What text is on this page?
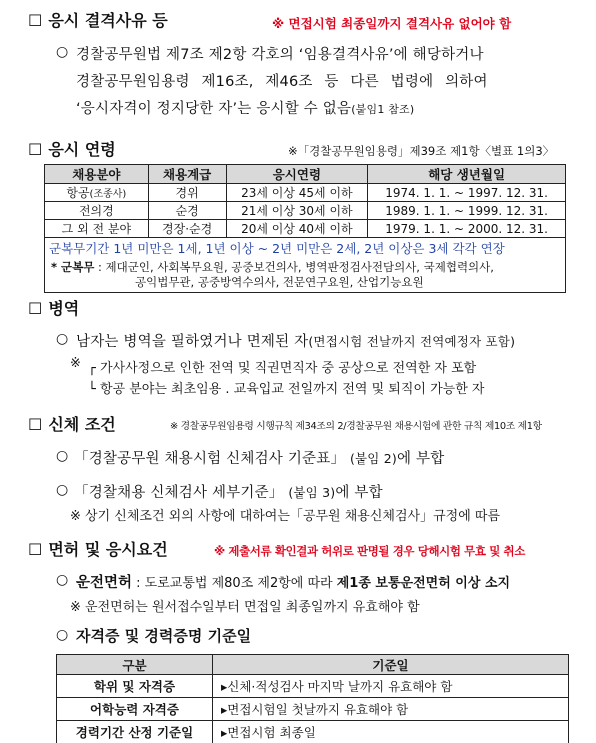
☐ 응시 결격사유 등	※ 면접시험 최종일까지 결격사유 없어야 함
○ 경찰공무원법 제7조 제2항 각호의 ‘임용결격사유’에 해당하거나
경찰공무원임용령 제16조, 제46조 등 다른 법령에 의하여
‘응시자격이 정지당한 자’는 응시할 수 없음(붙임1 참조)
☐ 응시 연령	※「경찰공무원임용령」제39조 제1항〈별표 1의3〉
채용분야	채용계급	응시연령	해당 생년월일
항공(조종사)	경위	23세 이상 45세 이하	1974. 1. 1. ~ 1997. 12. 31.
전의경	순경	21세 이상 30세 이하	1989. 1. 1. ~ 1999. 12. 31.
그 외 전 분야	경장·순경	20세 이상 40세 이하	1979. 1. 1. ~ 2000. 12. 31.
군복무기간 1년 미만은 1세, 1년 이상 ~ 2년 미만은 2세, 2년 이상은 3세 각각 연장			

* 군복무 : 제대군인, 사회복무요원, 공중보건의사, 병역판정검사전담의사, 국제협력의사,
공익법무관, 공중방역수의사, 전문연구요원, 산업기능요원			
☐ 병역
○ 남자는 병역을 필하였거나 면제된 자(면접시험 전날까지 전역예정자 포함)
※ ┌ 가사사정으로 인한 전역 및 직권면직자 중 공상으로 전역한 자 포함
└ 항공 분야는 최초임용 . 교육입교 전일까지 전역 및 퇴직이 가능한 자
☐ 신체 조건	※ 경찰공무원임용령 시행규칙 제34조의 2/경찰공무원 채용시험에 관한 규칙 제10조 제1항
○ 「경찰공무원 채용시험 신체검사 기준표」 (붙임 2)에 부합
○ 「경찰채용 신체검사 세부기준」 (붙임 3)에 부합
※ 상기 신체조건 외의 사항에 대하여는「공무원 채용신체검사」규정에 따름
☐ 면허 및 응시요건	※ 제출서류 확인결과 허위로 판명될 경우 당해시험 무효 및 취소
○ 운전면허 : 도로교통법 제80조 제2항에 따라 제1종 보통운전면허 이상 소지
※ 운전면허는 원서접수일부터 면접일 최종일까지 유효해야 함
○ 자격증 및 경력증명 기준일
구분	기준일
학위 및 자격증	▸신체·적성검사 마지막 날까지 유효해야 함
어학능력 자격증	▸면접시험일 첫날까지 유효해야 함
경력기간 산정 기준일	▸면접시험 최종일
